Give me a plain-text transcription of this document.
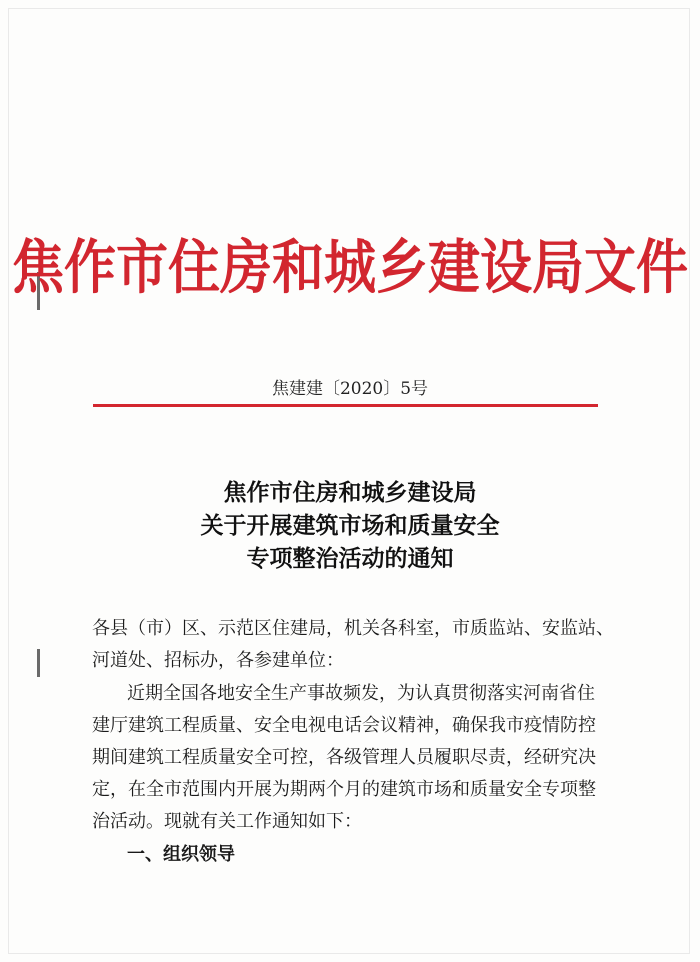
焦作市住房和城乡建设局文件
焦建建〔2020〕5号
焦作市住房和城乡建设局
关于开展建筑市场和质量安全
专项整治活动的通知
各县（市）区、示范区住建局，机关各科室，市质监站、安监站、
河道处、招标办，各参建单位：
近期全国各地安全生产事故频发，为认真贯彻落实河南省住
建厅建筑工程质量、安全电视电话会议精神，确保我市疫情防控
期间建筑工程质量安全可控，各级管理人员履职尽责，经研究决
定，在全市范围内开展为期两个月的建筑市场和质量安全专项整
治活动。现就有关工作通知如下：
一、组织领导
